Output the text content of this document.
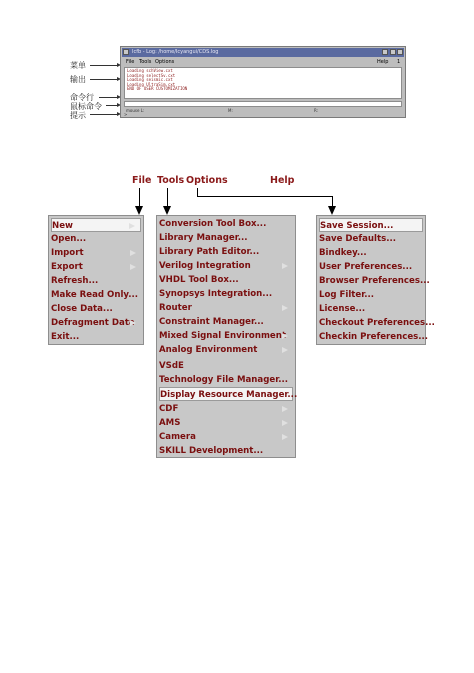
菜单
输出
命令行
鼠标命令
提示
Icfb - Log: /home/Icyangui/CDS.log
File Tools Options	Help 1
Loading schView.cxt
Loading selectSv.cxt
Loading seismic.cxt
Loading UltraSim.cxt
END OF USER CUSTOMIZATION
mouse L:	M:	R:
>
File Tools Options	Help
New
Open...
Import
Export
Refresh...
Make Read Only...
Close Data...
Defragment Data
Exit...
Conversion Tool Box...
Library Manager...
Library Path Editor...
Verilog Integration
VHDL Tool Box...
Synopsys Integration...
Router
Constraint Manager...
Mixed Signal Environment
Analog Environment
VSdE
Technology File Manager...
Display Resource Manager...
CDF
AMS
Camera
SKILL Development...
Save Session...
Save Defaults...
Bindkey...
User Preferences...
Browser Preferences...
Log Filter...
License...
Checkout Preferences...
Checkin Preferences...
